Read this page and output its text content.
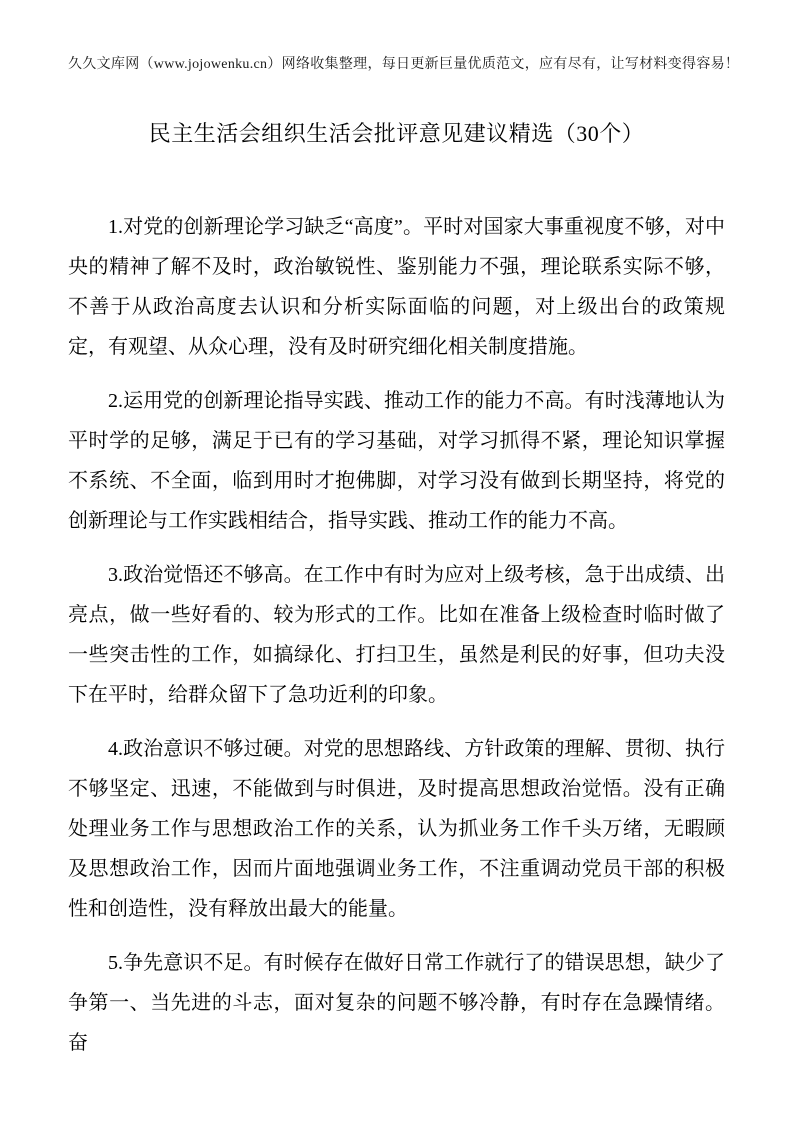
久久文库网（www.jojowenku.cn）网络收集整理，每日更新巨量优质范文，应有尽有，让写材料变得容易！
民主生活会组织生活会批评意见建议精选（30个）

1.对党的创新理论学习缺乏“高度”。平时对国家大事重视度不够，对中央的精神了解不及时，政治敏锐性、鉴别能力不强，理论联系实际不够，不善于从政治高度去认识和分析实际面临的问题，对上级出台的政策规定，有观望、从众心理，没有及时研究细化相关制度措施。

2.运用党的创新理论指导实践、推动工作的能力不高。有时浅薄地认为平时学的足够，满足于已有的学习基础，对学习抓得不紧，理论知识掌握不系统、不全面，临到用时才抱佛脚，对学习没有做到长期坚持，将党的创新理论与工作实践相结合，指导实践、推动工作的能力不高。

3.政治觉悟还不够高。在工作中有时为应对上级考核，急于出成绩、出亮点，做一些好看的、较为形式的工作。比如在准备上级检查时临时做了一些突击性的工作，如搞绿化、打扫卫生，虽然是利民的好事，但功夫没下在平时，给群众留下了急功近利的印象。

4.政治意识不够过硬。对党的思想路线、方针政策的理解、贯彻、执行不够坚定、迅速，不能做到与时俱进，及时提高思想政治觉悟。没有正确处理业务工作与思想政治工作的关系，认为抓业务工作千头万绪，无暇顾及思想政治工作，因而片面地强调业务工作，不注重调动党员干部的积极性和创造性，没有释放出最大的能量。

5.争先意识不足。有时候存在做好日常工作就行了的错误思想，缺少了争第一、当先进的斗志，面对复杂的问题不够冷静，有时存在急躁情绪。奋
